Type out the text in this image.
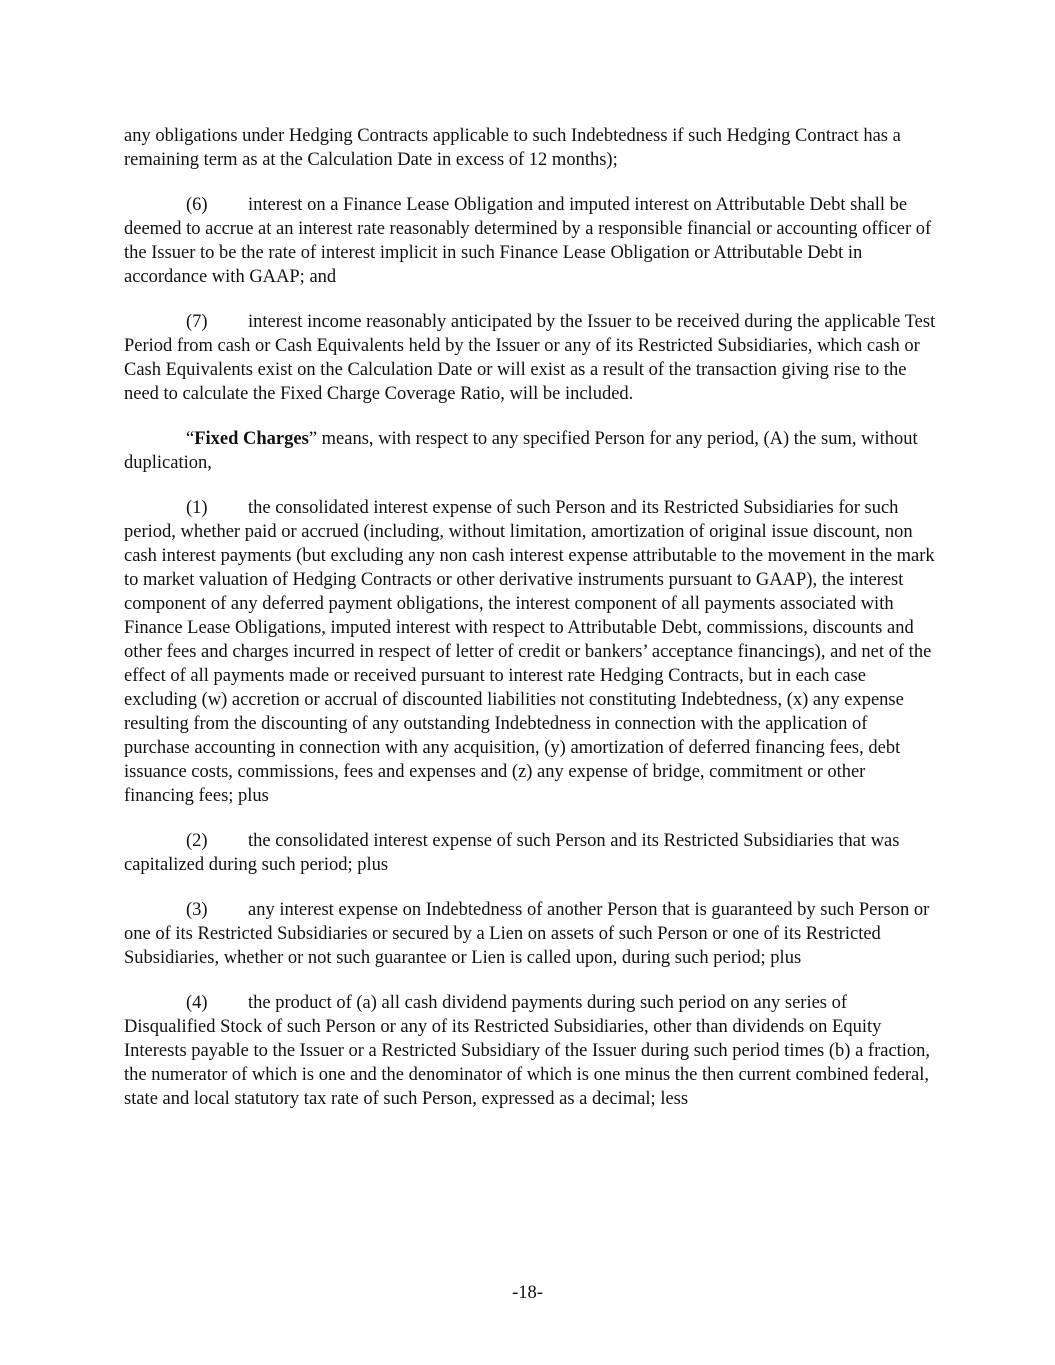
any obligations under Hedging Contracts applicable to such Indebtedness if such Hedging Contract has a remaining term as at the Calculation Date in excess of 12 months);

(6) interest on a Finance Lease Obligation and imputed interest on Attributable Debt shall be deemed to accrue at an interest rate reasonably determined by a responsible financial or accounting officer of the Issuer to be the rate of interest implicit in such Finance Lease Obligation or Attributable Debt in accordance with GAAP; and

(7) interest income reasonably anticipated by the Issuer to be received during the applicable Test Period from cash or Cash Equivalents held by the Issuer or any of its Restricted Subsidiaries, which cash or Cash Equivalents exist on the Calculation Date or will exist as a result of the transaction giving rise to the need to calculate the Fixed Charge Coverage Ratio, will be included.

“Fixed Charges” means, with respect to any specified Person for any period, (A) the sum, without duplication,

(1) the consolidated interest expense of such Person and its Restricted Subsidiaries for such period, whether paid or accrued (including, without limitation, amortization of original issue discount, non cash interest payments (but excluding any non cash interest expense attributable to the movement in the mark to market valuation of Hedging Contracts or other derivative instruments pursuant to GAAP), the interest component of any deferred payment obligations, the interest component of all payments associated with Finance Lease Obligations, imputed interest with respect to Attributable Debt, commissions, discounts and other fees and charges incurred in respect of letter of credit or bankers’ acceptance financings), and net of the effect of all payments made or received pursuant to interest rate Hedging Contracts, but in each case excluding (w) accretion or accrual of discounted liabilities not constituting Indebtedness, (x) any expense resulting from the discounting of any outstanding Indebtedness in connection with the application of purchase accounting in connection with any acquisition, (y) amortization of deferred financing fees, debt issuance costs, commissions, fees and expenses and (z) any expense of bridge, commitment or other financing fees; plus

(2) the consolidated interest expense of such Person and its Restricted Subsidiaries that was capitalized during such period; plus

(3) any interest expense on Indebtedness of another Person that is guaranteed by such Person or one of its Restricted Subsidiaries or secured by a Lien on assets of such Person or one of its Restricted Subsidiaries, whether or not such guarantee or Lien is called upon, during such period; plus

(4) the product of (a) all cash dividend payments during such period on any series of Disqualified Stock of such Person or any of its Restricted Subsidiaries, other than dividends on Equity Interests payable to the Issuer or a Restricted Subsidiary of the Issuer during such period times (b) a fraction, the numerator of which is one and the denominator of which is one minus the then current combined federal, state and local statutory tax rate of such Person, expressed as a decimal; less

-18-
